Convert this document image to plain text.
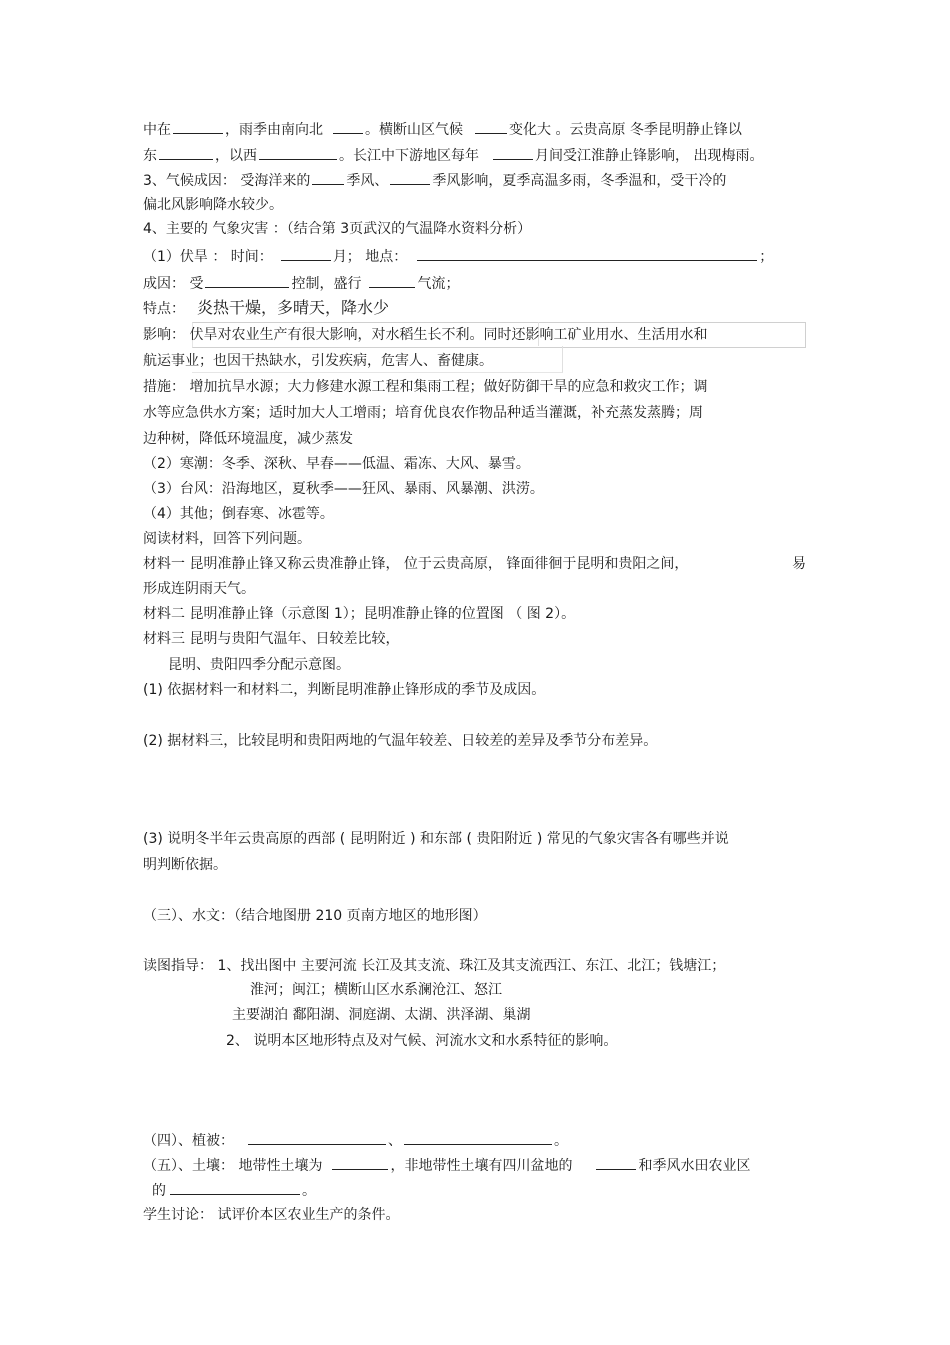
中在	，雨季由南向北	。横断山区气候	变化大 。云贵高原 冬季昆明静止锋以
东	，以西	。长江中下游地区每年	月间受江淮静止锋影响， 出现梅雨。
3、气候成因： 受海洋来的	季风、	季风影响，夏季高温多雨，冬季温和，受干冷的
偏北风影响降水较少。
4、主要的 气象灾害 ：（结合第 3页武汉的气温降水资料分析）
（1）伏旱 ： 时间：	月； 地点：	；
成因： 受	控制，盛行	气流；
特点： 炎热干燥，多晴天，降水少
影响： 伏旱对农业生产有很大影响，对水稻生长不利。同时还影响工矿业用水、生活用水和
航运事业；也因干热缺水，引发疾病，危害人、畜健康。
措施： 增加抗旱水源；大力修建水源工程和集雨工程；做好防御干旱的应急和救灾工作；调
水等应急供水方案；适时加大人工增雨；培育优良农作物品种适当灌溉，补充蒸发蒸腾；周
边种树，降低环境温度，减少蒸发
（2）寒潮：冬季、深秋、早春——低温、霜冻、大风、暴雪。
（3）台风：沿海地区，夏秋季——狂风、暴雨、风暴潮、洪涝。
（4）其他；倒春寒、冰雹等。
阅读材料，回答下列问题。
材料一 昆明准静止锋又称云贵准静止锋， 位于云贵高原， 锋面徘徊于昆明和贵阳之间，	易
形成连阴雨天气。
材料二 昆明准静止锋（示意图 1）；昆明准静止锋的位置图 （ 图 2）。
材料三 昆明与贵阳气温年、日较差比较，
昆明、贵阳四季分配示意图。
(1) 依据材料一和材料二，判断昆明准静止锋形成的季节及成因。
(2) 据材料三，比较昆明和贵阳两地的气温年较差、日较差的差异及季节分布差异。
(3) 说明冬半年云贵高原的西部 ( 昆明附近 ) 和东部 ( 贵阳附近 ) 常见的气象灾害各有哪些并说
明判断依据。
（三）、水文：（结合地图册 210 页南方地区的地形图）
读图指导： 1、找出图中 主要河流 长江及其支流、珠江及其支流西江、东江、北江；钱塘江；
淮河；闽江；横断山区水系澜沧江、怒江
主要湖泊 鄱阳湖、洞庭湖、太湖、洪泽湖、巢湖
2、 说明本区地形特点及对气候、河流水文和水系特征的影响。
（四）、植被：	、	。
（五）、土壤： 地带性土壤为	，非地带性土壤有四川盆地的	和季风水田农业区
的	。
学生讨论： 试评价本区农业生产的条件。
